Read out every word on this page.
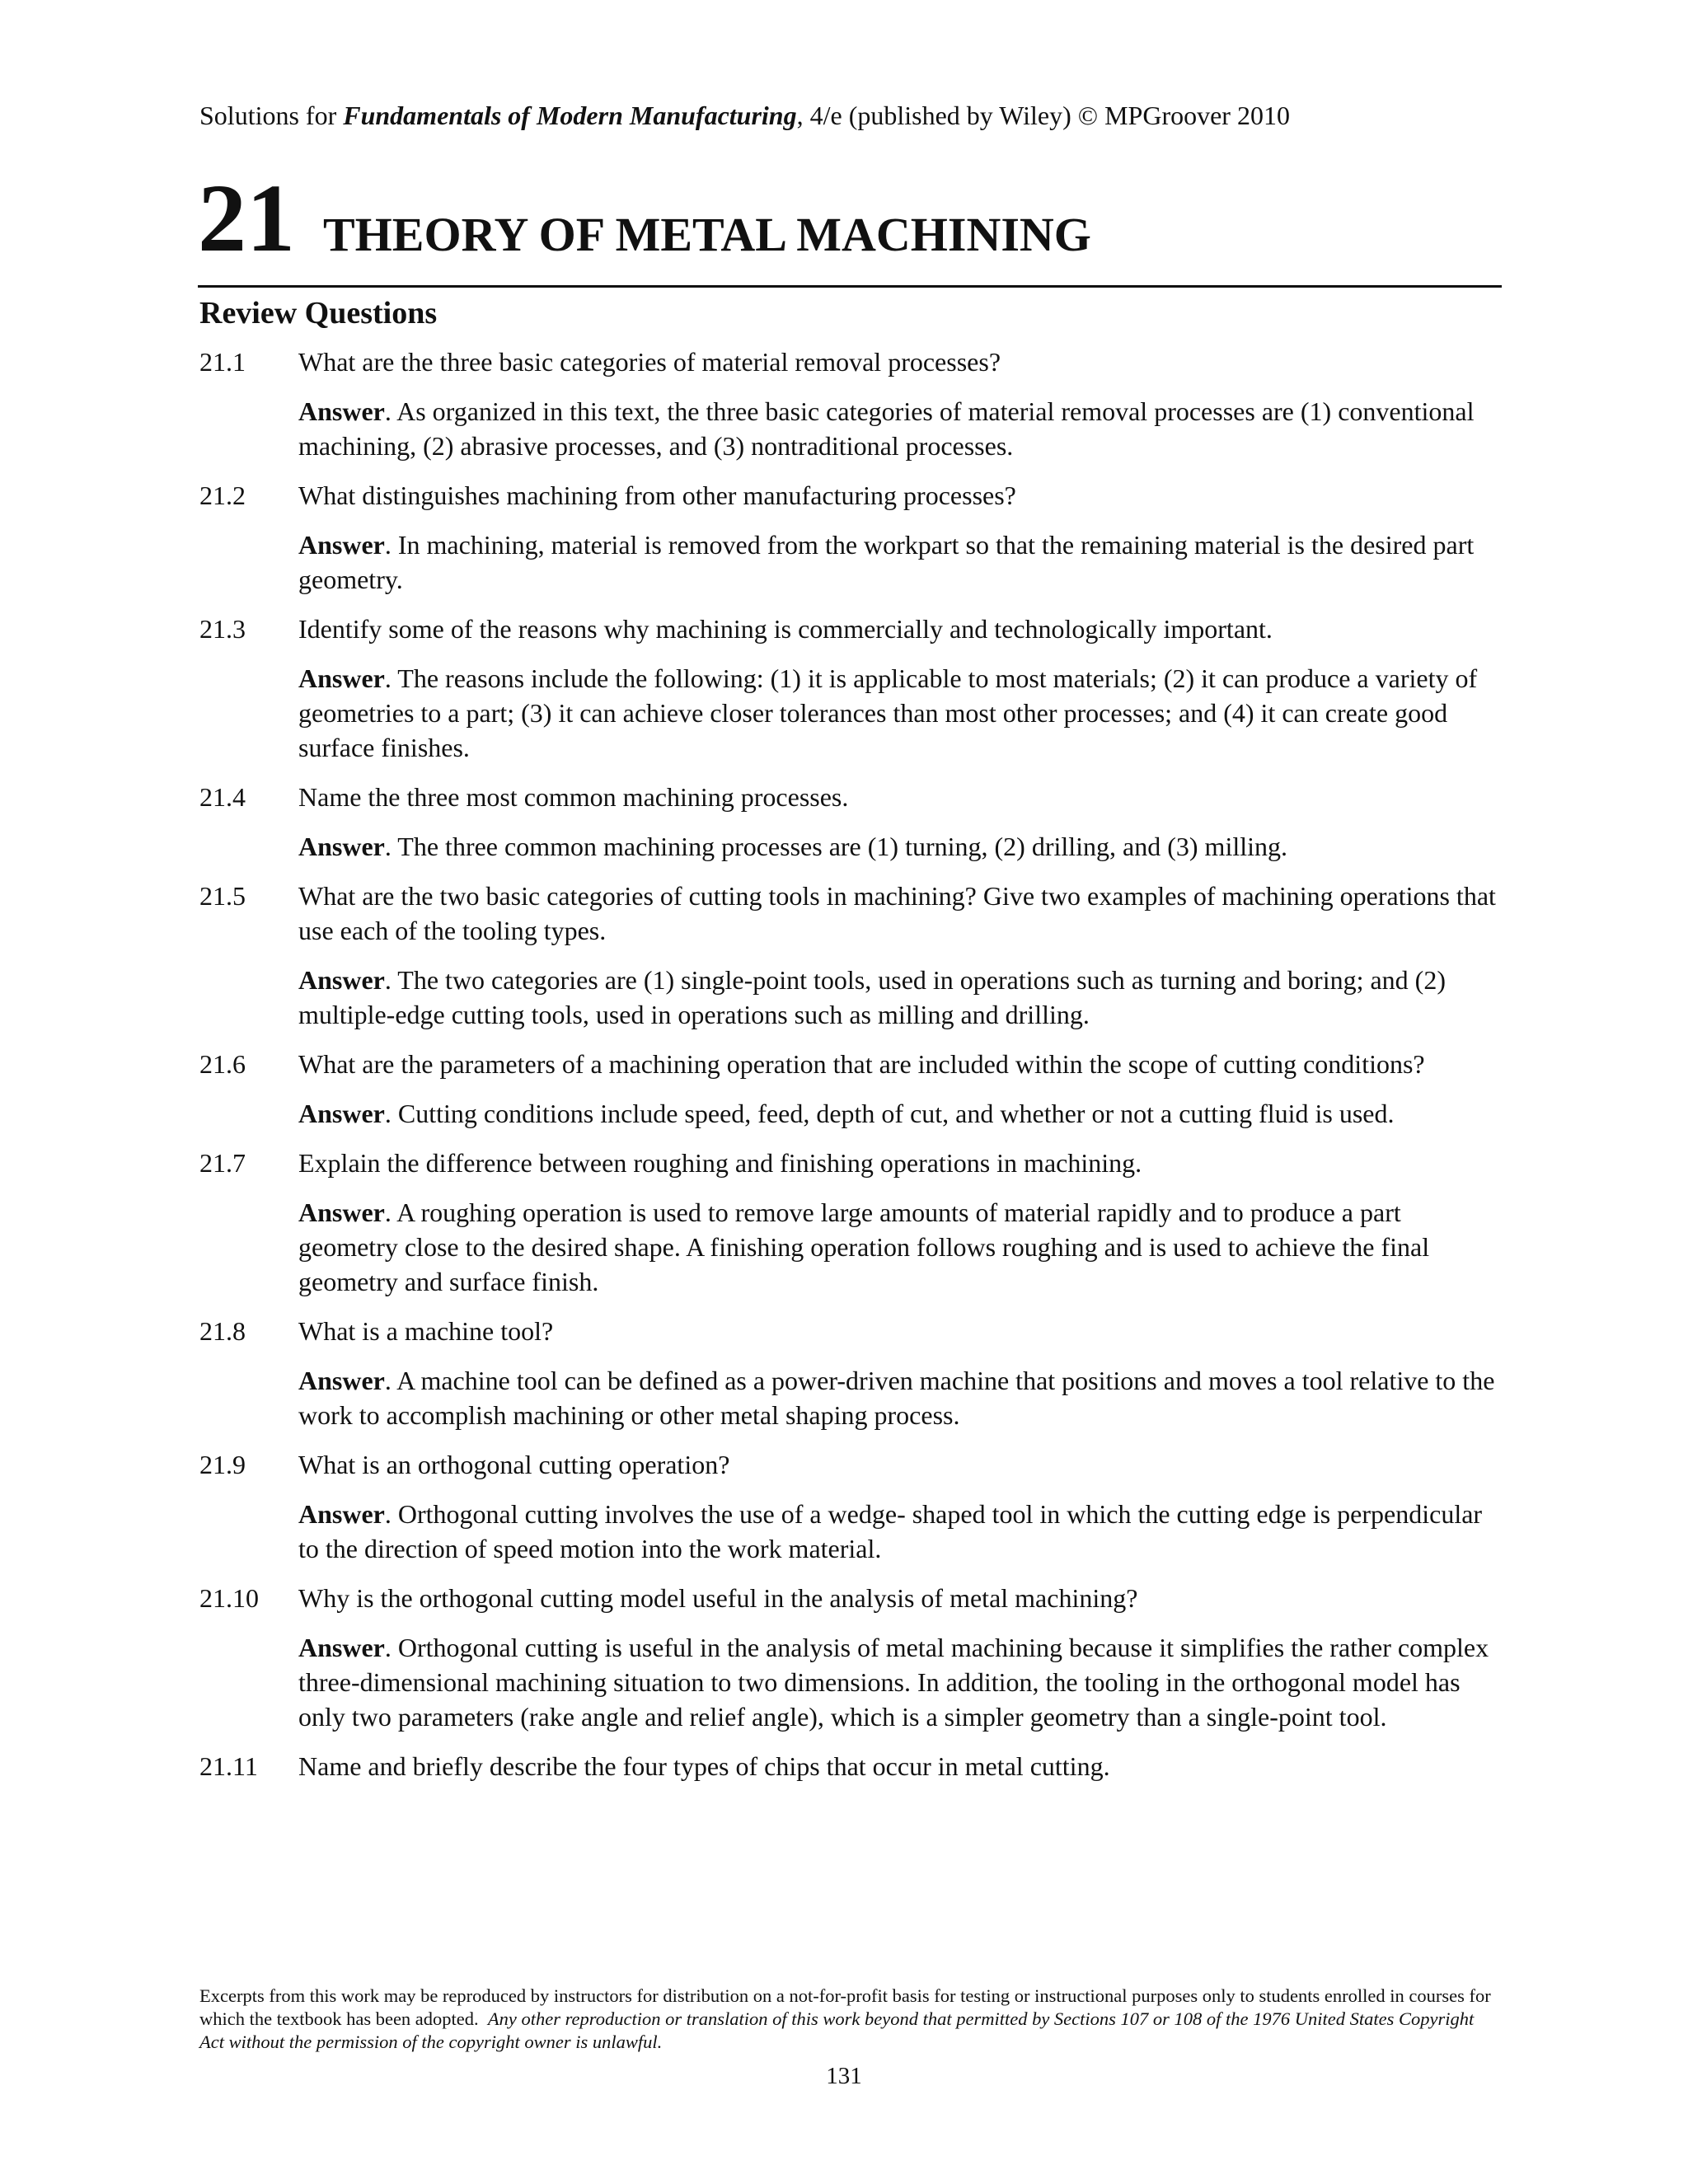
Solutions for Fundamentals of Modern Manufacturing, 4/e (published by Wiley) © MPGroover 2010
21 THEORY OF METAL MACHINING
Review Questions
21.1	What are the three basic categories of material removal processes?
Answer. As organized in this text, the three basic categories of material removal processes are (1) conventional machining, (2) abrasive processes, and (3) nontraditional processes.
21.2	What distinguishes machining from other manufacturing processes?
Answer. In machining, material is removed from the workpart so that the remaining material is the desired part geometry.
21.3	Identify some of the reasons why machining is commercially and technologically important.
Answer. The reasons include the following: (1) it is applicable to most materials; (2) it can produce a variety of geometries to a part; (3) it can achieve closer tolerances than most other processes; and (4) it can create good surface finishes.
21.4	Name the three most common machining processes.
Answer. The three common machining processes are (1) turning, (2) drilling, and (3) milling.
21.5	What are the two basic categories of cutting tools in machining? Give two examples of machining operations that use each of the tooling types.
Answer. The two categories are (1) single-point tools, used in operations such as turning and boring; and (2) multiple-edge cutting tools, used in operations such as milling and drilling.
21.6	What are the parameters of a machining operation that are included within the scope of cutting conditions?
Answer. Cutting conditions include speed, feed, depth of cut, and whether or not a cutting fluid is used.
21.7	Explain the difference between roughing and finishing operations in machining.
Answer. A roughing operation is used to remove large amounts of material rapidly and to produce a part geometry close to the desired shape. A finishing operation follows roughing and is used to achieve the final geometry and surface finish.
21.8	What is a machine tool?
Answer. A machine tool can be defined as a power-driven machine that positions and moves a tool relative to the work to accomplish machining or other metal shaping process.
21.9	What is an orthogonal cutting operation?
Answer. Orthogonal cutting involves the use of a wedge- shaped tool in which the cutting edge is perpendicular to the direction of speed motion into the work material.
21.10	Why is the orthogonal cutting model useful in the analysis of metal machining?
Answer. Orthogonal cutting is useful in the analysis of metal machining because it simplifies the rather complex three-dimensional machining situation to two dimensions. In addition, the tooling in the orthogonal model has only two parameters (rake angle and relief angle), which is a simpler geometry than a single-point tool.
21.11	Name and briefly describe the four types of chips that occur in metal cutting.
Excerpts from this work may be reproduced by instructors for distribution on a not-for-profit basis for testing or instructional purposes only to students enrolled in courses for which the textbook has been adopted. Any other reproduction or translation of this work beyond that permitted by Sections 107 or 108 of the 1976 United States Copyright Act without the permission of the copyright owner is unlawful.
131
